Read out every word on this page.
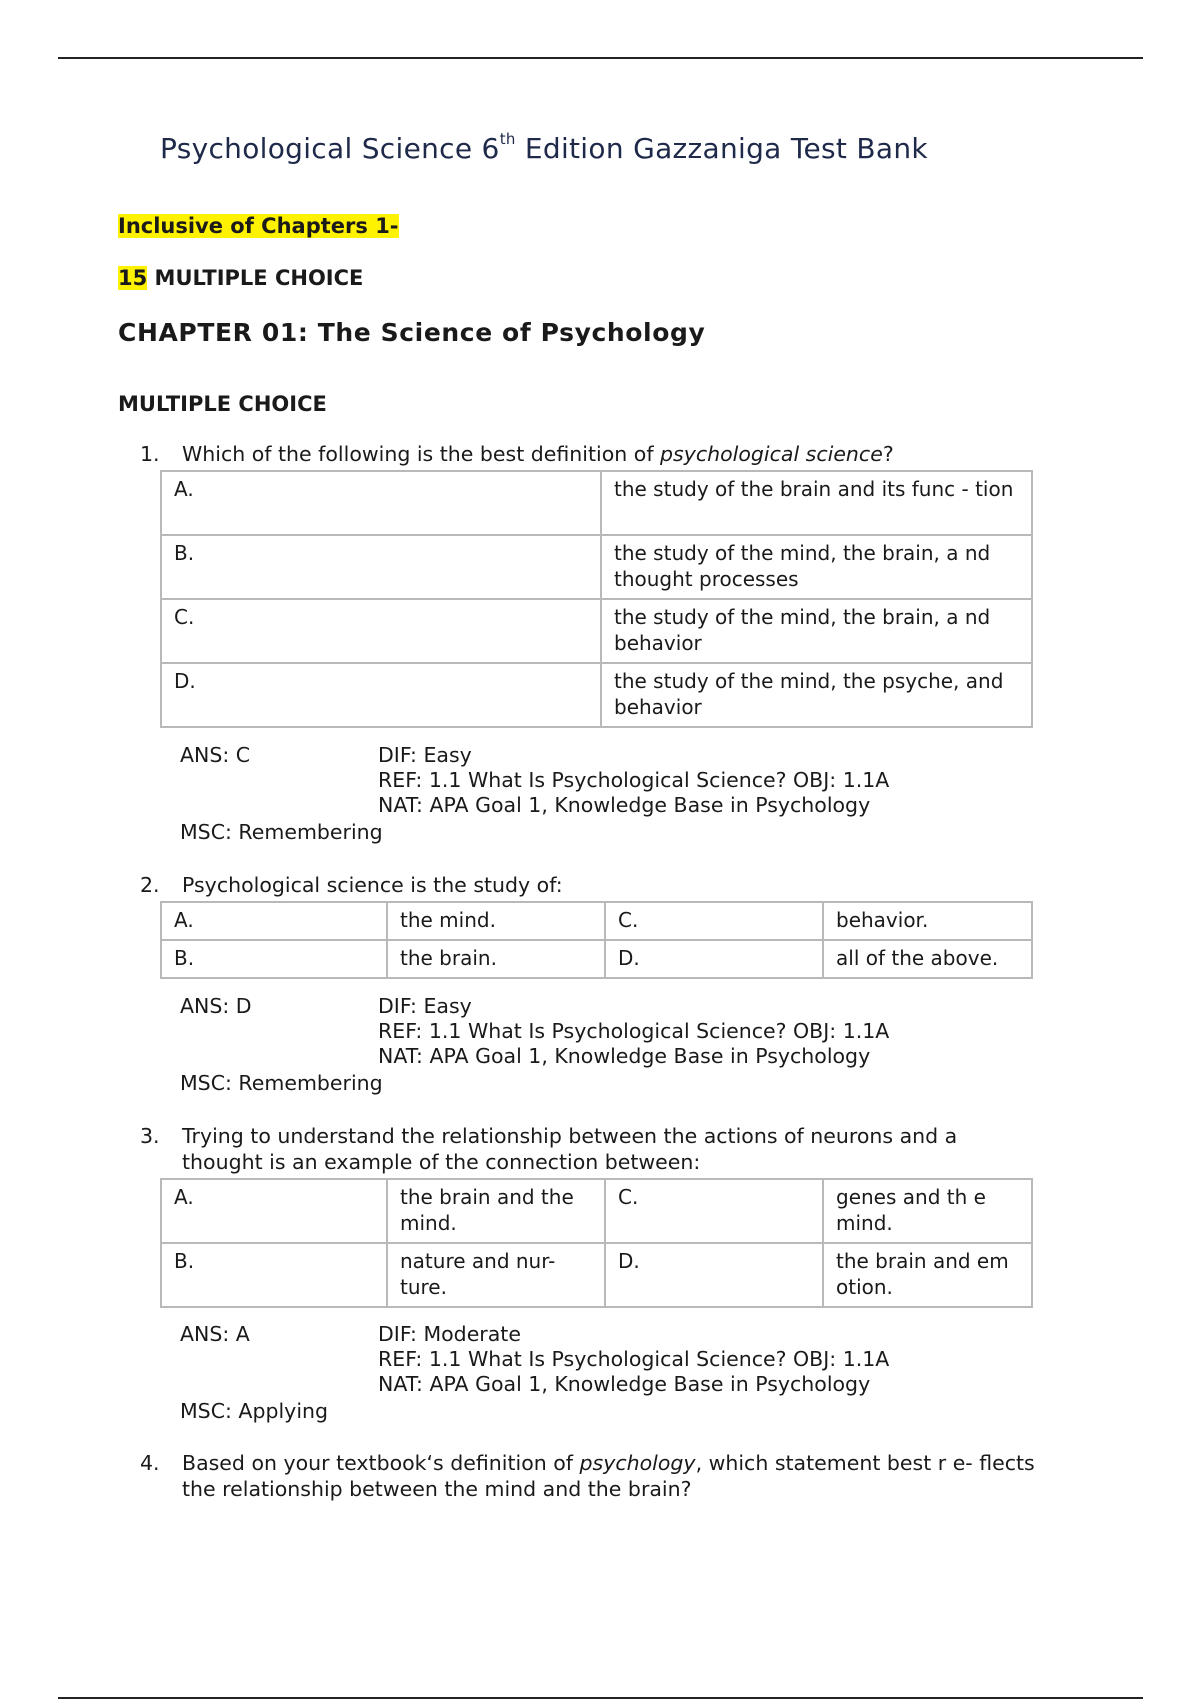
Psychological Science 6th Edition Gazzaniga Test Bank
Inclusive of Chapters 1-
15 MULTIPLE CHOICE
CHAPTER 01: The Science of Psychology
MULTIPLE CHOICE
1. Which of the following is the best definition of psychological science?
A.	the study of the brain and its func - tion
B.	the study of the mind, the brain, a nd thought processes
C.	the study of the mind, the brain, a nd behavior
D.	the study of the mind, the psyche, and behavior
ANS: C	DIF: Easy
REF: 1.1 What Is Psychological Science? OBJ: 1.1A
NAT: APA Goal 1, Knowledge Base in Psychology
MSC: Remembering
2. Psychological science is the study of:
A.	the mind.	C.	behavior.
B.	the brain.	D.	all of the above.
ANS: D	DIF: Easy
REF: 1.1 What Is Psychological Science? OBJ: 1.1A
NAT: APA Goal 1, Knowledge Base in Psychology
MSC: Remembering
3. Trying to understand the relationship between the actions of neurons and a thought is an example of the connection between:
A.	the brain and the mind.	C.	genes and th e mind.
B.	nature and nur- ture.	D.	the brain and em otion.
ANS: A	DIF: Moderate
REF: 1.1 What Is Psychological Science? OBJ: 1.1A
NAT: APA Goal 1, Knowledge Base in Psychology
MSC: Applying
4. Based on your textbook‘s definition of psychology, which statement best r e- flects the relationship between the mind and the brain?
